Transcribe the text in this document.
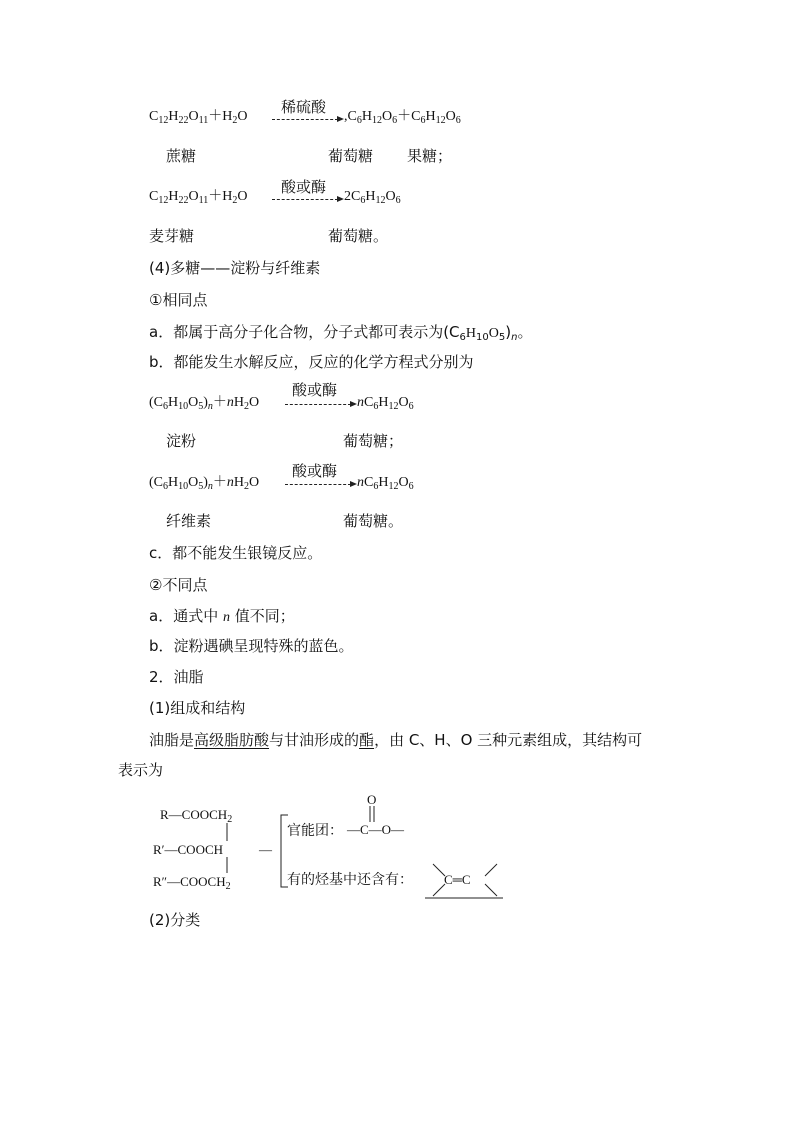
稀硫酸
$C_{12}H_{22}O_{11}+H_2O$	$,C_6H_{12}O_6+C_6H_{12}O_6$
蔗糖	葡萄糖 果糖；
酸或酶
$C_{12}H_{22}O_{11}+H_2O$	$2C_6H_{12}O_6$
麦芽糖	葡萄糖。
(4)多糖——淀粉与纤维素
①相同点
a．都属于高分子化合物，分子式都可表示为$(C_6H_{10}O_5)_n$。
b．都能发生水解反应，反应的化学方程式分别为
酸或酶
$(C_6H_{10}O_5)_n+nH_2O$	$nC_6H_{12}O_6$
淀粉	葡萄糖；
酸或酶
$(C_6H_{10}O_5)_n+nH_2O$	$nC_6H_{12}O_6$
纤维素	葡萄糖。
c．都不能发生银镜反应。
②不同点
a．通式中 n 值不同；
b．淀粉遇碘呈现特殊的蓝色。
2．油脂
(1)组成和结构
油脂是高级脂肪酸与甘油形成的酯，由 C、H、O 三种元素组成，其结构可
表示为
$R—COOCH_2$
R′—COOCH
$R''—COOCH_2$
—
官能团：
O
—C—O—
有的烃基中还含有： C═C
(2)分类
